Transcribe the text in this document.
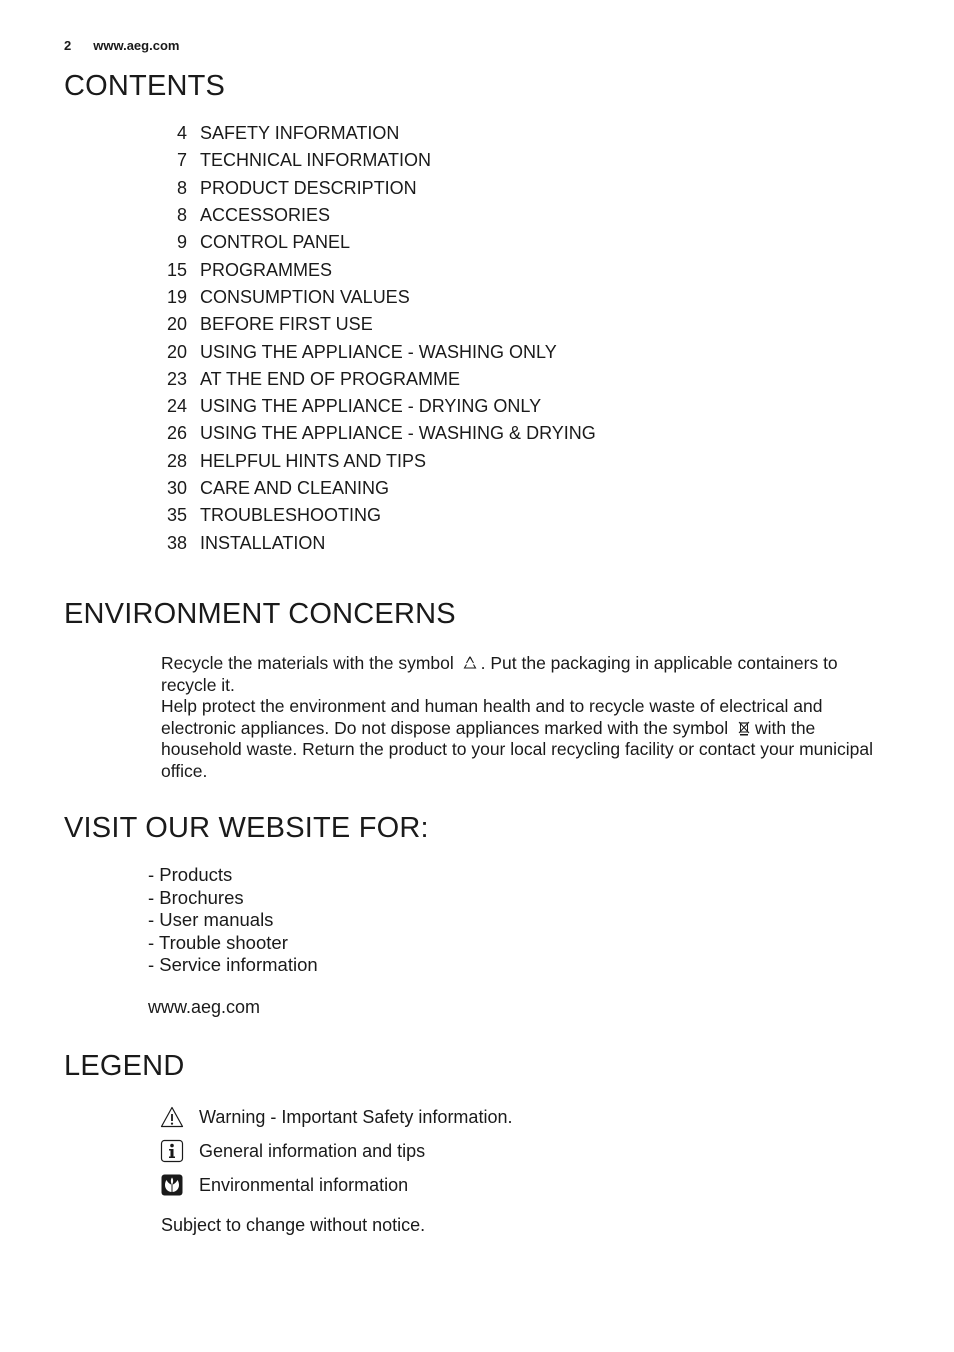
2 www.aeg.com
CONTENTS
4 SAFETY INFORMATION
7 TECHNICAL INFORMATION
8 PRODUCT DESCRIPTION
8 ACCESSORIES
9 CONTROL PANEL
15 PROGRAMMES
19 CONSUMPTION VALUES
20 BEFORE FIRST USE
20 USING THE APPLIANCE - WASHING ONLY
23 AT THE END OF PROGRAMME
24 USING THE APPLIANCE - DRYING ONLY
26 USING THE APPLIANCE - WASHING & DRYING
28 HELPFUL HINTS AND TIPS
30 CARE AND CLEANING
35 TROUBLESHOOTING
38 INSTALLATION
ENVIRONMENT CONCERNS

Recycle the materials with the symbol . Put the packaging in applicable containers to recycle it.

Help protect the environment and human health and to recycle waste of electrical and electronic appliances. Do not dispose appliances marked with the symbol with the household waste. Return the product to your local recycling facility or contact your municipal office.

VISIT OUR WEBSITE FOR:
- Products
- Brochures
- User manuals
- Trouble shooter
- Service information
www.aeg.com
LEGEND
Warning - Important Safety information.
General information and tips
Environmental information
Subject to change without notice.
